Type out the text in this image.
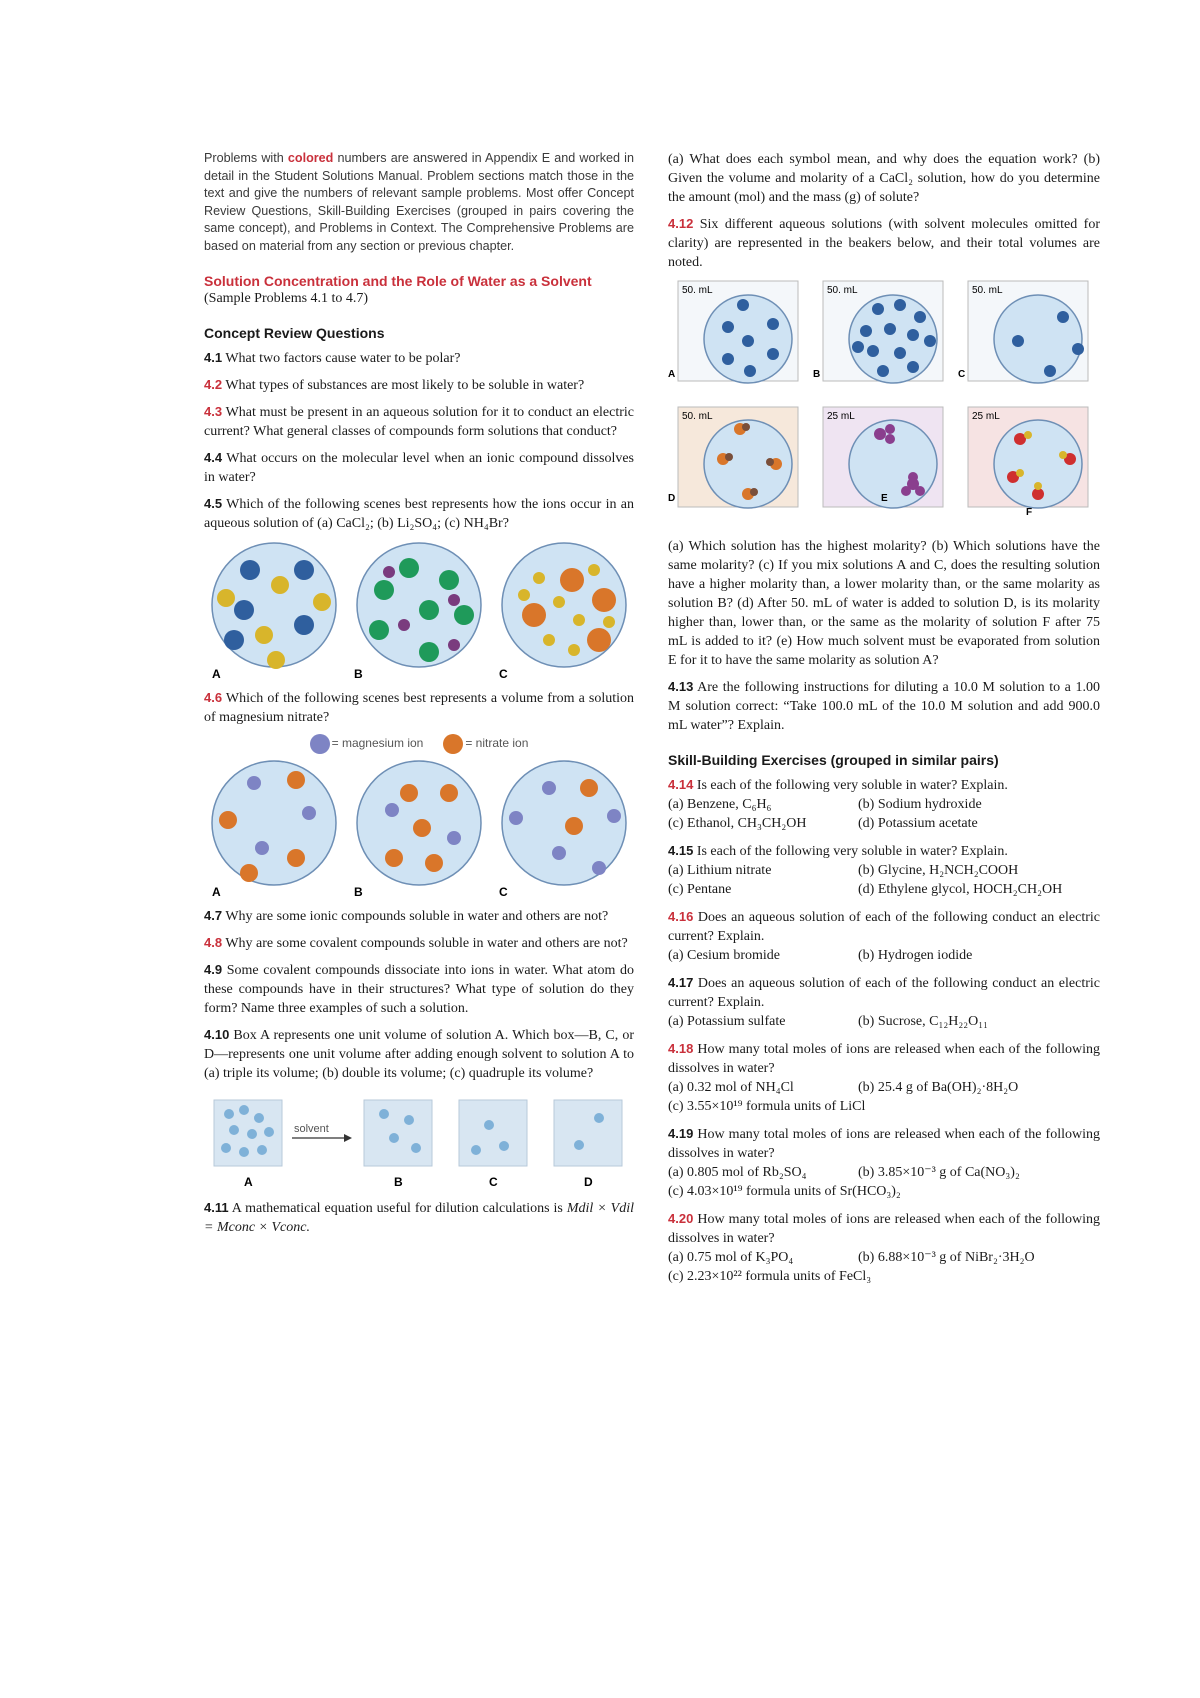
Problems with colored numbers are answered in Appendix E and worked in detail in the Student Solutions Manual. Problem sections match those in the text and give the numbers of relevant sample problems. Most offer Concept Review Questions, Skill-Building Exercises (grouped in pairs covering the same concept), and Problems in Context. The Comprehensive Problems are based on material from any section or previous chapter.

Solution Concentration and the Role of Water as a Solvent
(Sample Problems 4.1 to 4.7)
Concept Review Questions

4.1 What two factors cause water to be polar?

4.2 What types of substances are most likely to be soluble in water?

4.3 What must be present in an aqueous solution for it to conduct an electric current? What general classes of compounds form solutions that conduct?

4.4 What occurs on the molecular level when an ionic compound dissolves in water?

4.5 Which of the following scenes best represents how the ions occur in an aqueous solution of (a) CaCl₂; (b) Li₂SO₄; (c) NH₄Br?

A	B	C

4.6 Which of the following scenes best represents a volume from a solution of magnesium nitrate?

= magnesium ion	= nitrate ion
A	B	C

4.7 Why are some ionic compounds soluble in water and others are not?

4.8 Why are some covalent compounds soluble in water and others are not?

4.9 Some covalent compounds dissociate into ions in water. What atom do these compounds have in their structures? What type of solution do they form? Name three examples of such a solution.

4.10 Box A represents one unit volume of solution A. Which box—B, C, or D—represents one unit volume after adding enough solvent to solution A to (a) triple its volume; (b) double its volume; (c) quadruple its volume?

solvent
A	B	C	D

4.11 A mathematical equation useful for dilution calculations is Mdil × Vdil = Mconc × Vconc.

(a) What does each symbol mean, and why does the equation work? (b) Given the volume and molarity of a CaCl₂ solution, how do you determine the amount (mol) and the mass (g) of solute?

4.12 Six different aqueous solutions (with solvent molecules omitted for clarity) are represented in the beakers below, and their total volumes are noted.

50. mL
A
50. mL
B
50. mL
C
50. mL
D
25 mL
E
25 mL
F

(a) Which solution has the highest molarity? (b) Which solutions have the same molarity? (c) If you mix solutions A and C, does the resulting solution have a higher molarity than, a lower molarity than, or the same molarity as solution B? (d) After 50. mL of water is added to solution D, is its molarity higher than, lower than, or the same as the molarity of solution F after 75 mL is added to it? (e) How much solvent must be evaporated from solution E for it to have the same molarity as solution A?

4.13 Are the following instructions for diluting a 10.0 M solution to a 1.00 M solution correct: “Take 100.0 mL of the 10.0 M solution and add 900.0 mL water”? Explain.

Skill-Building Exercises (grouped in similar pairs)

4.14 Is each of the following very soluble in water? Explain.

(a) Benzene, C₆H₆	(b) Sodium hydroxide
(c) Ethanol, CH₃CH₂OH	(d) Potassium acetate

4.15 Is each of the following very soluble in water? Explain.

(a) Lithium nitrate	(b) Glycine, H₂NCH₂COOH
(c) Pentane	(d) Ethylene glycol, HOCH₂CH₂OH

4.16 Does an aqueous solution of each of the following conduct an electric current? Explain.

(a) Cesium bromide	(b) Hydrogen iodide

4.17 Does an aqueous solution of each of the following conduct an electric current? Explain.

(a) Potassium sulfate	(b) Sucrose, C₁₂H₂₂O₁₁

4.18 How many total moles of ions are released when each of the following dissolves in water?

(a) 0.32 mol of NH₄Cl	(b) 25.4 g of Ba(OH)₂·8H₂O
(c) 3.55×10¹⁹ formula units of LiCl

4.19 How many total moles of ions are released when each of the following dissolves in water?

(a) 0.805 mol of Rb₂SO₄	(b) 3.85×10⁻³ g of Ca(NO₃)₂
(c) 4.03×10¹⁹ formula units of Sr(HCO₃)₂

4.20 How many total moles of ions are released when each of the following dissolves in water?

(a) 0.75 mol of K₃PO₄	(b) 6.88×10⁻³ g of NiBr₂·3H₂O
(c) 2.23×10²² formula units of FeCl₃
